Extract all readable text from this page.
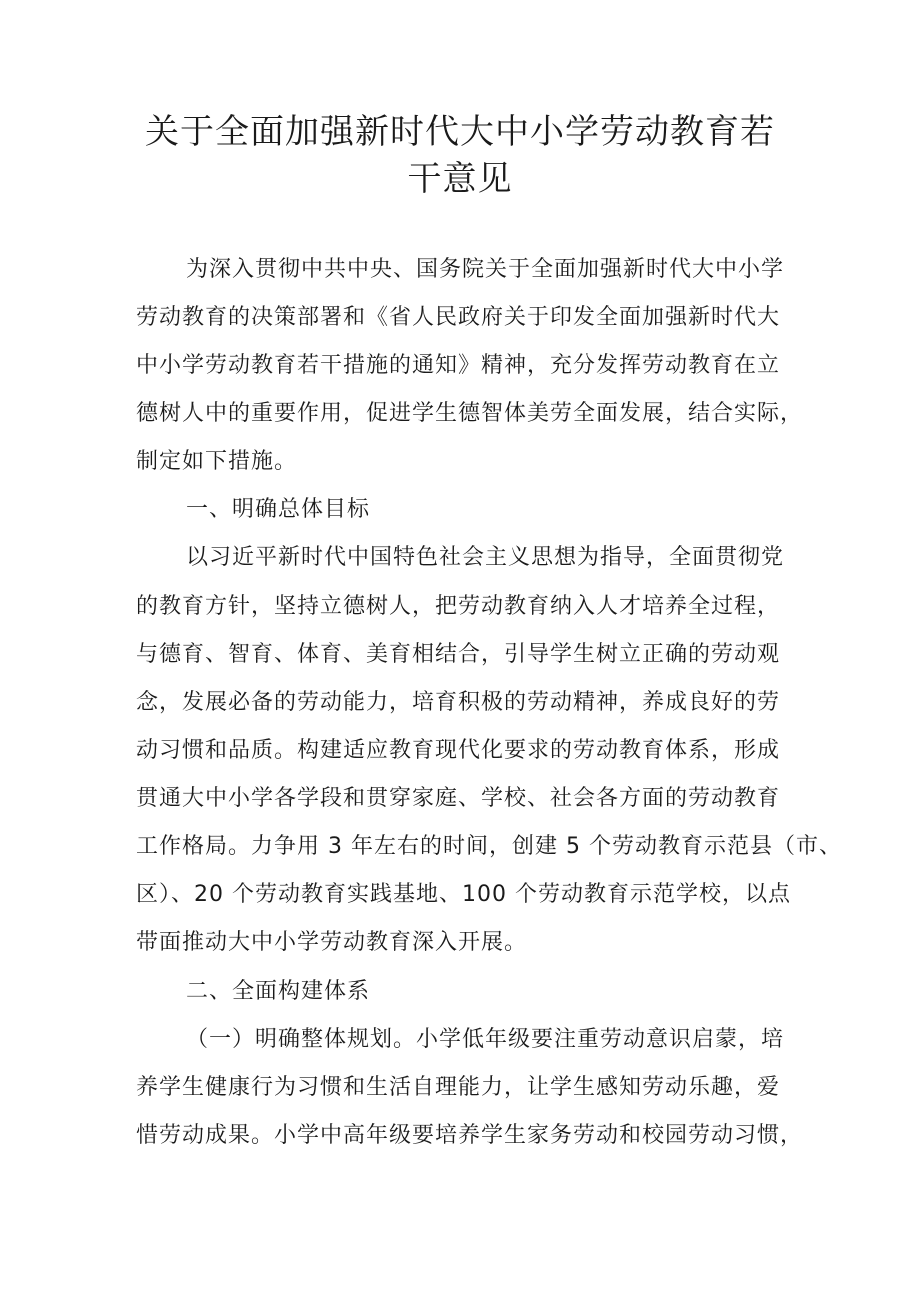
关于全面加强新时代大中小学劳动教育若
干意见
为深入贯彻中共中央、国务院关于全面加强新时代大中小学
劳动教育的决策部署和《省人民政府关于印发全面加强新时代大
中小学劳动教育若干措施的通知》精神，充分发挥劳动教育在立
德树人中的重要作用，促进学生德智体美劳全面发展，结合实际，
制定如下措施。
一、明确总体目标
以习近平新时代中国特色社会主义思想为指导，全面贯彻党
的教育方针，坚持立德树人，把劳动教育纳入人才培养全过程，
与德育、智育、体育、美育相结合，引导学生树立正确的劳动观
念，发展必备的劳动能力，培育积极的劳动精神，养成良好的劳
动习惯和品质。构建适应教育现代化要求的劳动教育体系，形成
贯通大中小学各学段和贯穿家庭、学校、社会各方面的劳动教育
工作格局。力争用 3 年左右的时间，创建 5 个劳动教育示范县（市、
区）、20 个劳动教育实践基地、100 个劳动教育示范学校，以点
带面推动大中小学劳动教育深入开展。
二、全面构建体系
（一）明确整体规划。小学低年级要注重劳动意识启蒙，培
养学生健康行为习惯和生活自理能力，让学生感知劳动乐趣，爱
惜劳动成果。小学中高年级要培养学生家务劳动和校园劳动习惯，
